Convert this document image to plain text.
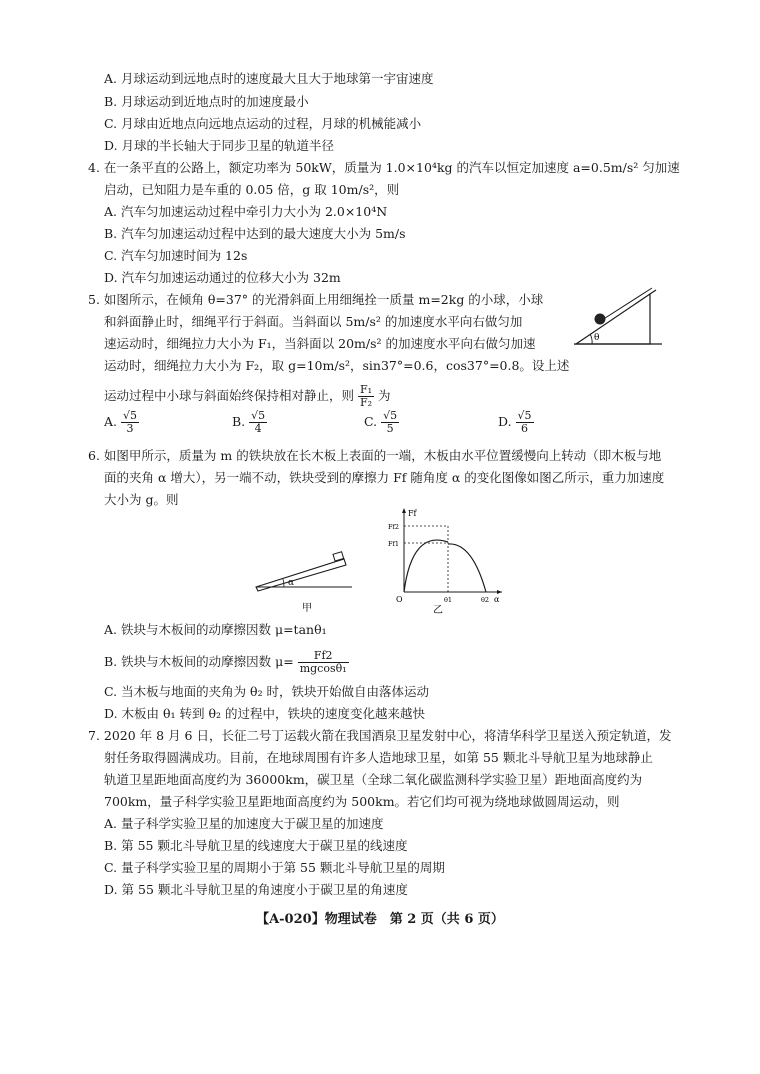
A. 月球运动到远地点时的速度最大且大于地球第一宇宙速度
B. 月球运动到近地点时的加速度最小
C. 月球由近地点向远地点运动的过程，月球的机械能减小
D. 月球的半长轴大于同步卫星的轨道半径
4. 在一条平直的公路上，额定功率为 50kW，质量为 1.0×10⁴kg 的汽车以恒定加速度 a=0.5m/s² 匀加速
启动，已知阻力是车重的 0.05 倍，g 取 10m/s²，则
A. 汽车匀加速运动过程中牵引力大小为 2.0×10⁴N
B. 汽车匀加速运动过程中达到的最大速度大小为 5m/s
C. 汽车匀加速时间为 12s
D. 汽车匀加速运动通过的位移大小为 32m
5. 如图所示，在倾角 θ=37° 的光滑斜面上用细绳拴一质量 m=2kg 的小球，小球
和斜面静止时，细绳平行于斜面。当斜面以 5m/s² 的加速度水平向右做匀加
速运动时，细绳拉力大小为 F₁，当斜面以 20m/s² 的加速度水平向右做匀加速
运动时，细绳拉力大小为 F₂，取 g=10m/s²，sin37°=0.6，cos37°=0.8。设上述
运动过程中小球与斜面始终保持相对静止，则 $\frac{\text{F₁}}{\text{F₂}}$ 为
θ
A. $\frac{√5}{3}$	B. $\frac{√5}{4}$	C. $\frac{√5}{5}$	D. $\frac{√5}{6}$
6. 如图甲所示，质量为 m 的铁块放在长木板上表面的一端，木板由水平位置缓慢向上转动（即木板与地
面的夹角 α 增大），另一端不动，铁块受到的摩擦力 Ff 随角度 α 的变化图像如图乙所示，重力加速度
大小为 g。则
α
甲
Ff
Ff2
Ff1
O	θ1	θ2 α
乙
A. 铁块与木板间的动摩擦因数 μ=tanθ₁
B. 铁块与木板间的动摩擦因数 $\mu= \frac{Ff2}{\text{mgcosθ₁}}$
C. 当木板与地面的夹角为 θ₂ 时，铁块开始做自由落体运动
D. 木板由 θ₁ 转到 θ₂ 的过程中，铁块的速度变化越来越快
7. 2020 年 8 月 6 日，长征二号丁运载火箭在我国酒泉卫星发射中心，将清华科学卫星送入预定轨道，发
射任务取得圆满成功。目前，在地球周围有许多人造地球卫星，如第 55 颗北斗导航卫星为地球静止
轨道卫星距地面高度约为 36000km，碳卫星（全球二氧化碳监测科学实验卫星）距地面高度约为
700km，量子科学实验卫星距地面高度约为 500km。若它们均可视为绕地球做圆周运动，则
A. 量子科学实验卫星的加速度大于碳卫星的加速度
B. 第 55 颗北斗导航卫星的线速度大于碳卫星的线速度
C. 量子科学实验卫星的周期小于第 55 颗北斗导航卫星的周期
D. 第 55 颗北斗导航卫星的角速度小于碳卫星的角速度
【A-020】物理试卷　第 2 页（共 6 页）
